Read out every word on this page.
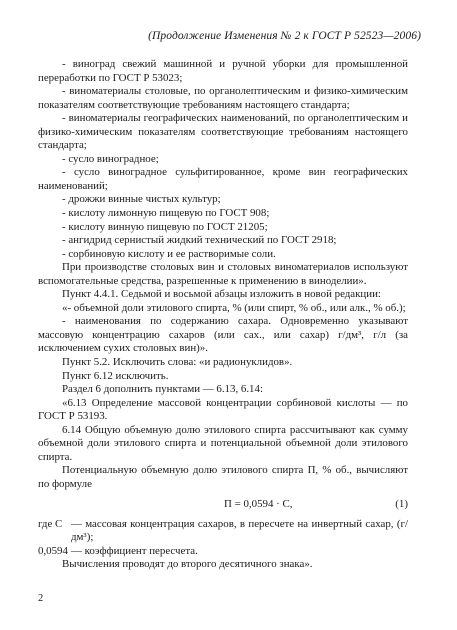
(Продолжение Изменения № 2 к ГОСТ Р 52523—2006)

- виноград свежий машинной и ручной уборки для промышленной переработки по ГОСТ Р 53023;

- виноматериалы столовые, по органолептическим и физико-химическим показателям соответствующие требованиям настоящего стандарта;

- виноматериалы географических наименований, по органолептическим и физико-химическим показателям соответствующие требованиям настоящего стандарта;

- сусло виноградное;

- сусло виноградное сульфитированное, кроме вин географических наименований;

- дрожжи винные чистых культур;

- кислоту лимонную пищевую по ГОСТ 908;

- кислоту винную пищевую по ГОСТ 21205;

- ангидрид сернистый жидкий технический по ГОСТ 2918;

- сорбиновую кислоту и ее растворимые соли.

При производстве столовых вин и столовых виноматериалов используют вспомогательные средства, разрешенные к применению в виноделии».

Пункт 4.4.1. Седьмой и восьмой абзацы изложить в новой редакции:

«- объемной доли этилового спирта, % (или спирт, % об., или алк., % об.);

- наименования по содержанию сахара. Одновременно указывают массовую концентрацию сахаров (или сах., или сахар) г/дм³, г/л (за исключением сухих столовых вин)».

Пункт 5.2. Исключить слова: «и радионуклидов».

Пункт 6.12 исключить.

Раздел 6 дополнить пунктами — 6.13, 6.14:

«6.13 Определение массовой концентрации сорбиновой кислоты — по ГОСТ Р 53193.

6.14 Общую объемную долю этилового спирта рассчитывают как сумму объемной доли этилового спирта и потенциальной объемной доли этилового спирта.

Потенциальную объемную долю этилового спирта П, % об., вычисляют по формуле

П = 0,0594 · С,	(1)
где С — массовая концентрация сахаров, в пересчете на инвертный сахар, (г/дм³);
0,0594 — коэффициент пересчета.

Вычисления проводят до второго десятичного знака».

2
